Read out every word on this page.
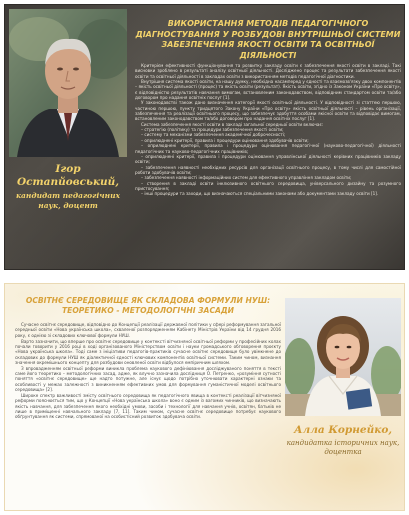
Ігор Остапйовський,
кандидат педагогічних наук, доцент
ВИКОРИСТАННЯ МЕТОДІВ ПЕДАГОГІЧНОГО ДІАГНОСТУВАННЯ У РОЗБУДОВІ ВНУТРІШНЬОЇ СИСТЕМИ ЗАБЕЗПЕЧЕННЯ ЯКОСТІ ОСВІТИ ТА ОСВІТНЬОЇ ДІЯЛЬНОСТІ

Критерієм ефективності функціонування та розвитку закладу освіти є забезпечення якості освіти в закладі. Такі висновки зроблено в результаті аналізу освітньої діяльності. Досліджено процес та результати забезпечення якості освіти та освітньої діяльності в закладах освіти з використанням методів педагогічної діагностики.

Внутрішня система якості освіти, на нашу думку, необхідна насамперед у єдності та взаємозв'язку двох компонентів – якість освітньої діяльності (процес) та якість освіти (результат). Якість освіти, згідно із Законом України «Про освіту», є відповідністю результатів навчання вимогам, встановленим законодавством, відповідним стандартом освіти та/або договором про надання освітніх послуг [1].

У законодавстві також дано визначення категорії якості освітньої діяльності. У відповідності зі статтею першою, частиною першою, пункту тридцятого Закону України «Про освіту» якість освітньої діяльності – рівень організації, забезпечення та реалізації освітнього процесу, що забезпечує здобуття особами якісної освіти та відповідає вимогам, встановленим законодавством та/або договором про надання освітніх послуг [1].

Система забезпечення якості освіти в закладі загальної середньої освіти включає:

– стратегію (політику) та процедури забезпечення якості освіти;

– систему та механізми забезпечення академічної доброчесності;

– оприлюднені критерії, правила і процедури оцінювання здобувачів освіти;

– оприлюднені критерії, правила і процедури оцінювання педагогічної (науково-педагогічної) діяльності педагогічних та науково-педагогічних працівників;

– оприлюднені критерії, правила і процедури оцінювання управлінської діяльності керівних працівників закладу освіти;

– забезпечення наявності необхідних ресурсів для організації освітнього процесу, в тому числі для самостійної роботи здобувачів освіти;

– забезпечення наявності інформаційних систем для ефективного управління закладом освіти;

– створення в закладі освіти інклюзивного освітнього середовища, універсального дизайну та розумного пристосування;

– інші процедури та заходи, що визначаються спеціальними законами або документами закладу освіти [1].

ОСВІТНЄ СЕРЕДОВИЩЕ ЯК СКЛАДОВА ФОРМУЛИ НУШ: ТЕОРЕТИКО - МЕТОДОЛОГІЧНІ ЗАСАДИ

Сучасне освітнє середовище, відповідно до Концепції реалізації державної політики у сфері реформування загальної середньої освіти «Нова українська школа», схваленої розпорядженням Кабінету Міністрів України від 14 грудня 2016 року, є однією зі складових ключової формули НУШ.

Варто зазначити, що впершe про освітнє середовище у контексті вітчизняної освітньої реформи у професійних колах почали говорити у 2016 році в ході організованого Міністерством освіти і науки громадського обговорення проєкту «Нова українська школа». Тоді саме з ініціативи педагогів-практиків сучасне освітнє середовище було увімкнене до складових до формули НУШ як діалектичної єдності ключових компонентів освітньої системи. Таким чином, визнання значення окремішнього концепту для розбудови оновленої освіти відбулося емпіричним шляхом.

З впровадженням освітньої реформи виникла проблема наукового дефініювання досліджуваного поняття в тексті саме його теоретико – методологічних засад, адже, як влучно зазначила дослідниця О. Петренко, «розуміння сутності поняття «освітнє середовище» ще надто потужне, але існує щодо потрібно уточнювати характерні ознаки та особливості у межах залежності з виникненням ефективних умов для формування гуманістичної моделі освітнього середовища» [2].

Широке спектр важливості змісту освітнього середовища як педагогічного явища в контексті реалізації вітчизняної реформи пояснюється тим, що у Концепції «Нова українська школа» воно є одним із вагомих чинників, що визначають якість навчання, для забезпечення якого необхідні умови, засоби і технології для навчання учнів, освітян, батьків не лише в приміщенні навчального закладу [7, 11]. Таким чином, сучасне освітнє середовище потребує наукового обґрунтування як системи, спрямованої на особистісний розвиток здобувача освіти.

Алла Корнейко,
кандидатка історичних наук, доцентка
